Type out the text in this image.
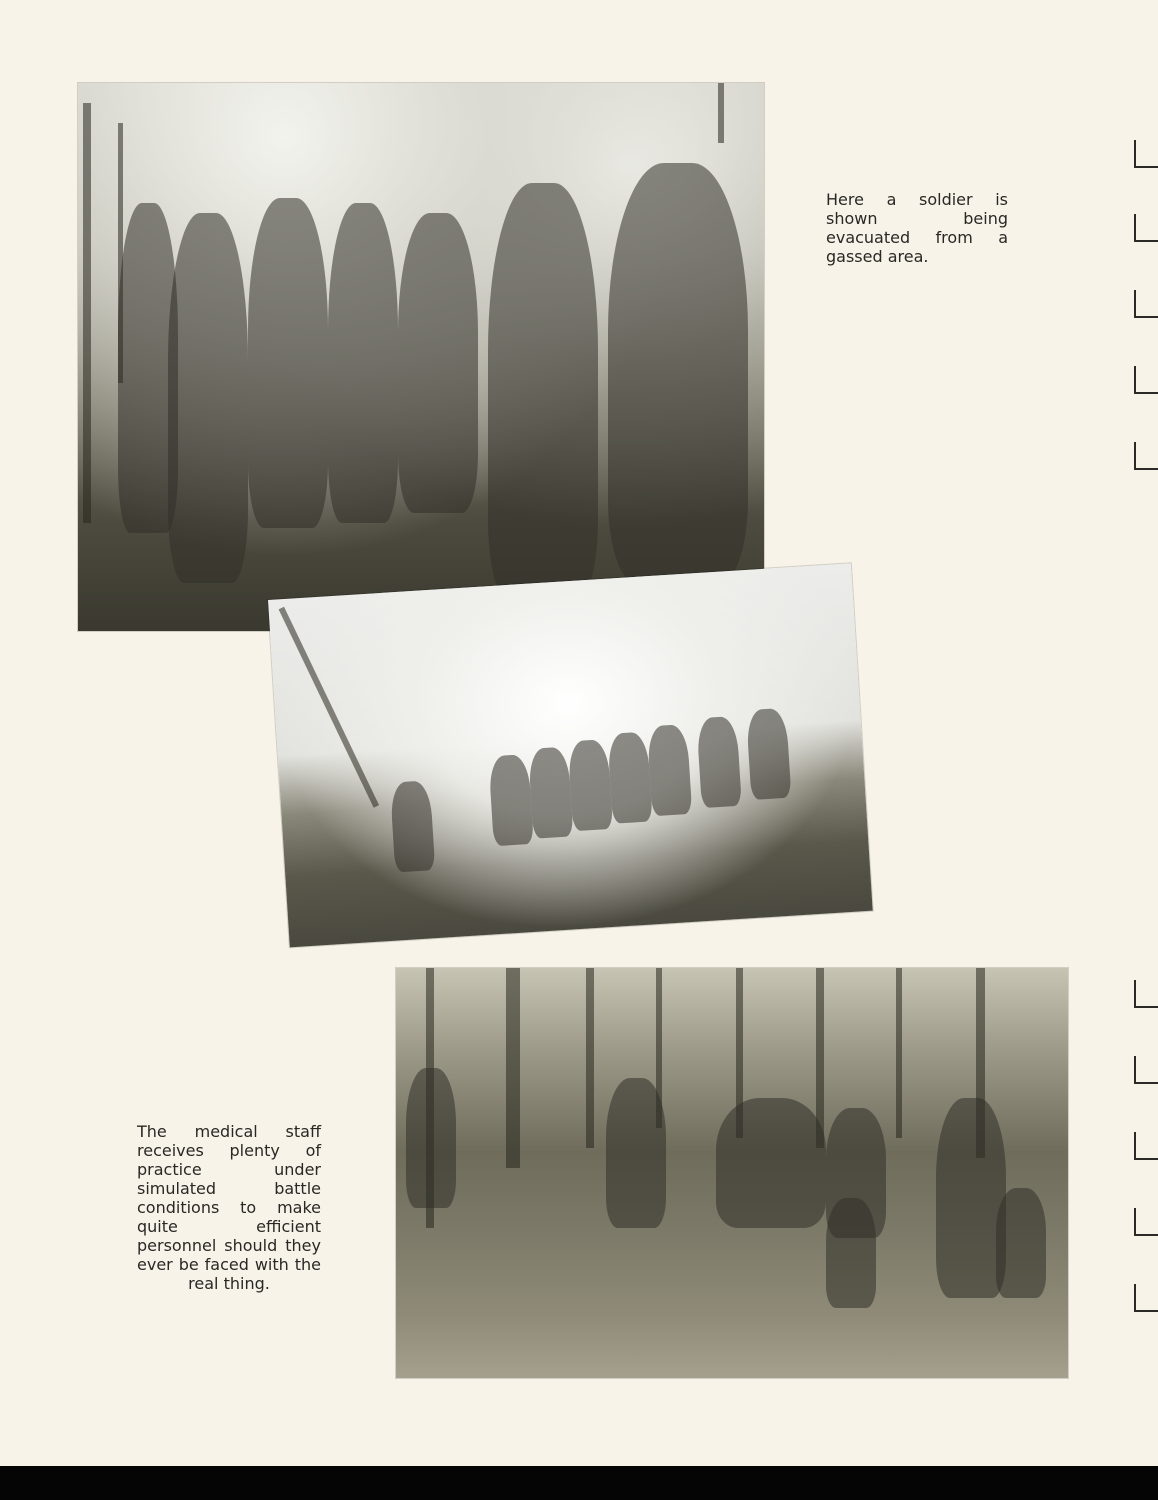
Here a soldier is shown being evacuated from a gassed area.

The medical staff receives plenty of practice under simulated battle conditions to make quite efficient personnel should they ever be faced with the real thing.
